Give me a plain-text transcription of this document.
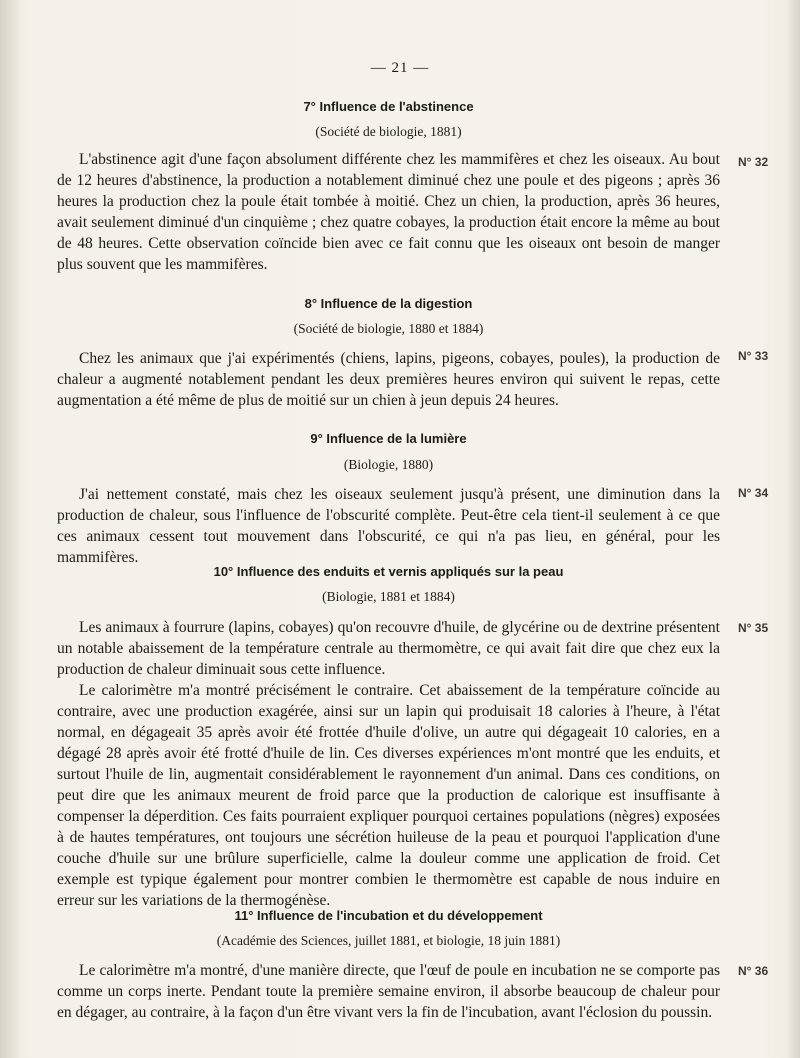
— 21 —

7° Influence de l'abstinence

(Société de biologie, 1881)

L'abstinence agit d'une façon absolument différente chez les mammifères et chez les oiseaux. Au bout de 12 heures d'abstinence, la production a notablement diminué chez une poule et des pigeons ; après 36 heures la production chez la poule était tombée à moitié. Chez un chien, la production, après 36 heures, avait seulement diminué d'un cinquième ; chez quatre cobayes, la production était encore la même au bout de 48 heures. Cette observation coïncide bien avec ce fait connu que les oiseaux ont besoin de manger plus souvent que les mammifères.

N° 32

8° Influence de la digestion

(Société de biologie, 1880 et 1884)

Chez les animaux que j'ai expérimentés (chiens, lapins, pigeons, cobayes, poules), la production de chaleur a augmenté notablement pendant les deux premières heures environ qui suivent le repas, cette augmentation a été même de plus de moitié sur un chien à jeun depuis 24 heures.

N° 33

9° Influence de la lumière

(Biologie, 1880)

J'ai nettement constaté, mais chez les oiseaux seulement jusqu'à présent, une diminution dans la production de chaleur, sous l'influence de l'obscurité complète. Peut-être cela tient-il seulement à ce que ces animaux cessent tout mouvement dans l'obscurité, ce qui n'a pas lieu, en général, pour les mammifères.

N° 34

10° Influence des enduits et vernis appliqués sur la peau

(Biologie, 1881 et 1884)

Les animaux à fourrure (lapins, cobayes) qu'on recouvre d'huile, de glycérine ou de dextrine présentent un notable abaissement de la température centrale au thermomètre, ce qui avait fait dire que chez eux la production de chaleur diminuait sous cette influence.

Le calorimètre m'a montré précisément le contraire. Cet abaissement de la température coïncide au contraire, avec une production exagérée, ainsi sur un lapin qui produisait 18 calories à l'heure, à l'état normal, en dégageait 35 après avoir été frottée d'huile d'olive, un autre qui dégageait 10 calories, en a dégagé 28 après avoir été frotté d'huile de lin. Ces diverses expériences m'ont montré que les enduits, et surtout l'huile de lin, augmentait considérablement le rayonnement d'un animal. Dans ces conditions, on peut dire que les animaux meurent de froid parce que la production de calorique est insuffisante à compenser la déperdition. Ces faits pourraient expliquer pourquoi certaines populations (nègres) exposées à de hautes températures, ont toujours une sécrétion huileuse de la peau et pourquoi l'application d'une couche d'huile sur une brûlure superficielle, calme la douleur comme une application de froid. Cet exemple est typique également pour montrer combien le thermomètre est capable de nous induire en erreur sur les variations de la thermogénèse.

N° 35

11° Influence de l'incubation et du développement

(Académie des Sciences, juillet 1881, et biologie, 18 juin 1881)

Le calorimètre m'a montré, d'une manière directe, que l'œuf de poule en incubation ne se comporte pas comme un corps inerte. Pendant toute la première semaine environ, il absorbe beaucoup de chaleur pour en dégager, au contraire, à la façon d'un être vivant vers la fin de l'incubation, avant l'éclosion du poussin.

N° 36
